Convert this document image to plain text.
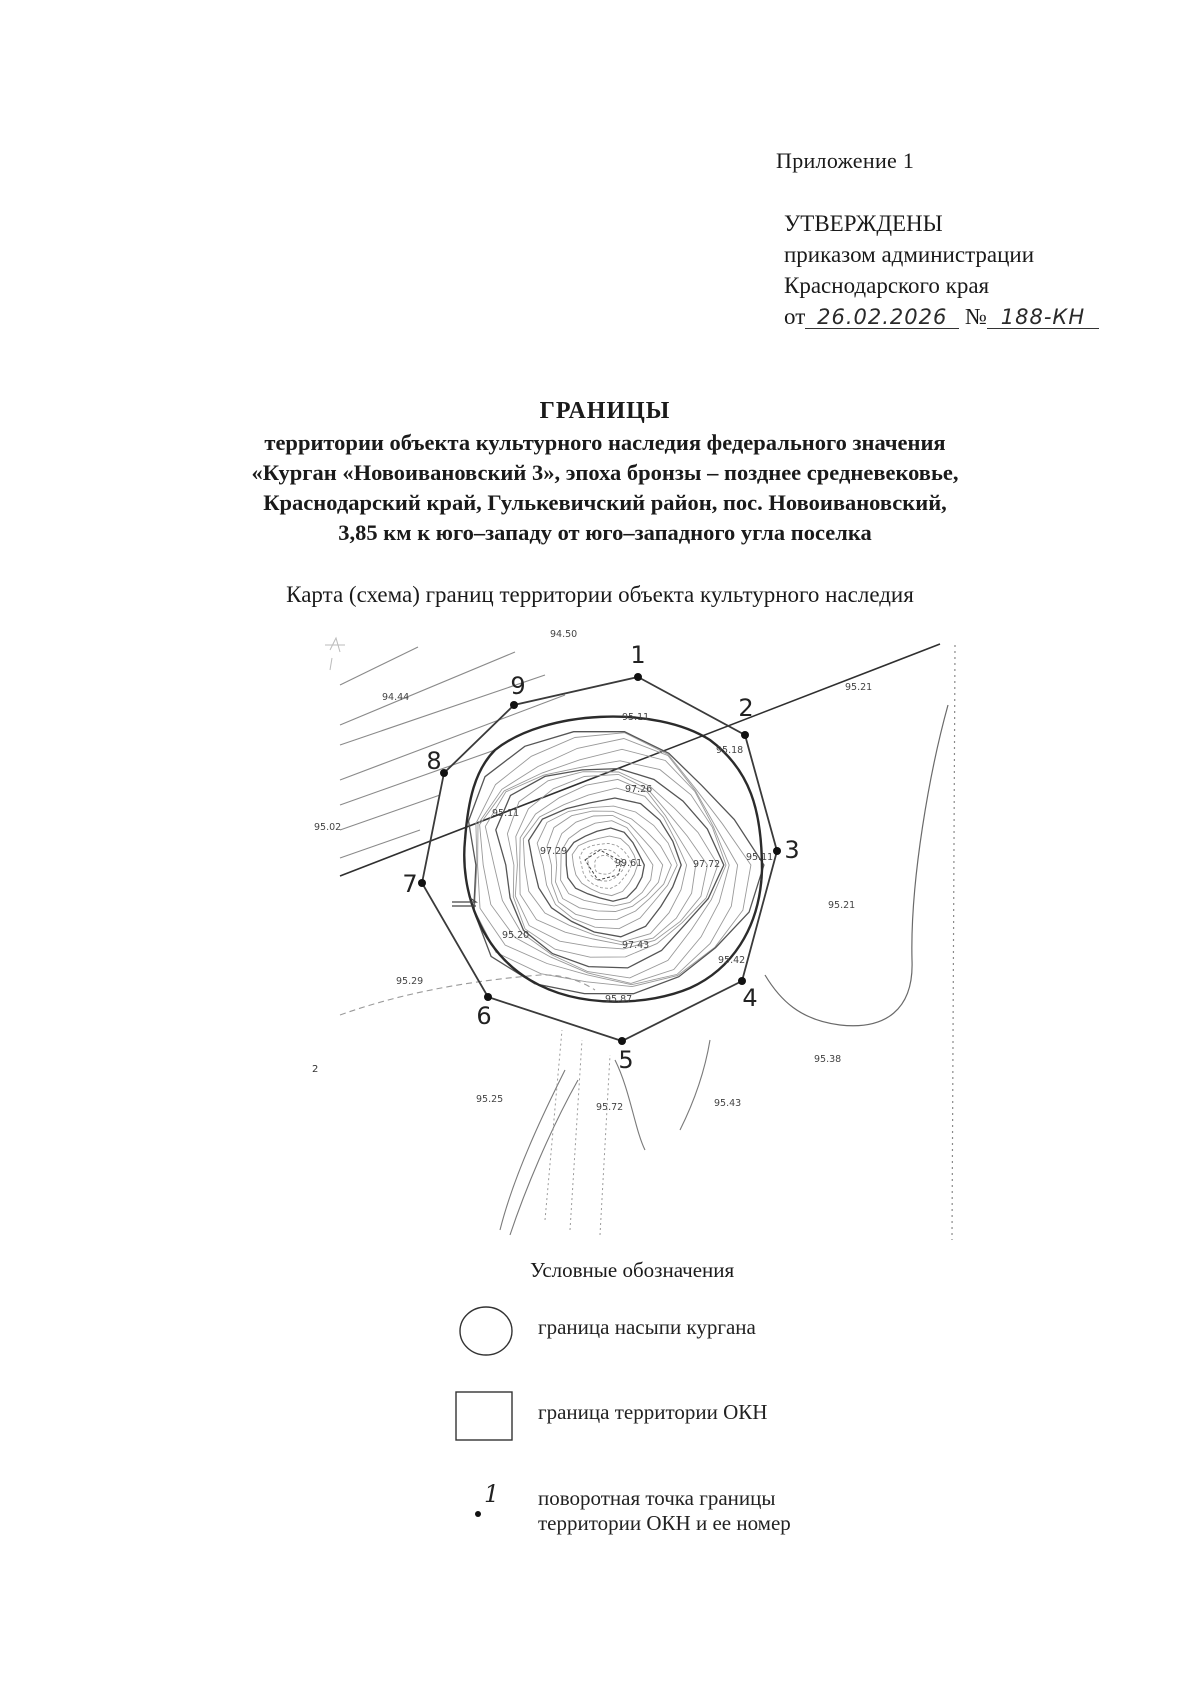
Приложение 1
УТВЕРЖДЕНЫ
приказом администрации
Краснодарского края
от 26.02.2026 № 188-КН
ГРАНИЦЫ
территории объекта культурного наследия федерального значения
«Курган «Новоивановский 3», эпоха бронзы – позднее средневековье,
Краснодарский край, Гулькевичский район, пос. Новоивановский,
3,85 км к юго–западу от юго–западного угла поселка
Карта (схема) границ территории объекта культурного наследия
1
2
3
4
5
6
7
8
9
94.50
94.44
95.21
95.11
95.18
95.11
97.26
95.02
97.29
99.61	97.72
95.11
95.21
95.20
97.43
95.42
95.29
95.87
95.38
95.25
95.72	95.43
2
Условные обозначения
граница насыпи кургана
граница территории ОКН
1 поворотная точка границы
территории ОКН и ее номер
